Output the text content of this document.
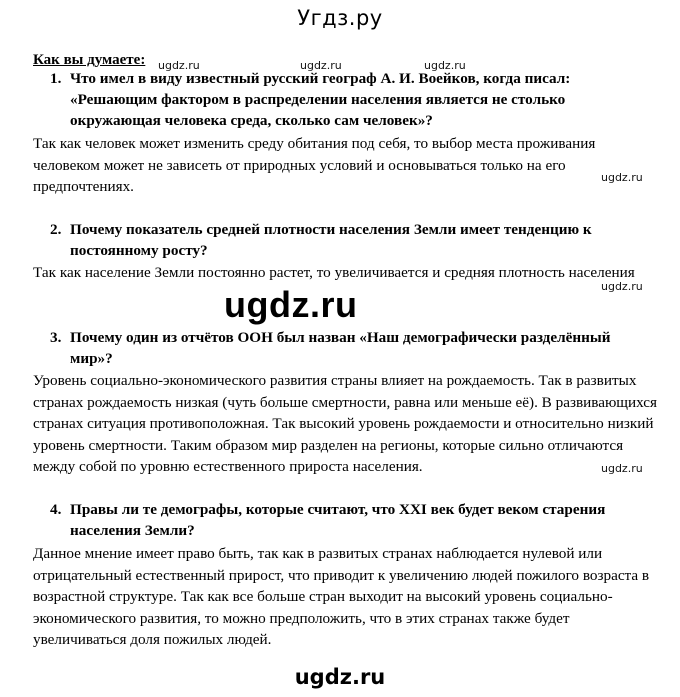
Угдз.ру
Как вы думаете: ugdz.ru	ugdz.ru	ugdz.ru
ugdz.ru
ugdz.ru
ugdz.ru
1. Что имел в виду известный русский географ А. И. Воейков, когда писал: «Решающим фактором в распределении населения является не столько окружающая человека среда, сколько сам человек»?
Так как человек может изменить среду обитания под себя, то выбор места проживания человеком может не зависеть от природных условий и основываться только на его предпочтениях.
2. Почему показатель средней плотности населения Земли имеет тенденцию к постоянному росту?
Так как население Земли постоянно растет, то увеличивается и средняя плотность населения
ugdz.ru
3. Почему один из отчётов ООН был назван «Наш демографически разделённый мир»?
Уровень социально-экономического развития страны влияет на рождаемость. Так в развитых странах рождаемость низкая (чуть больше смертности, равна или меньше её). В развивающихся странах ситуация противоположная. Так высокий уровень рождаемости и относительно низкий уровень смертности. Таким образом мир разделен на регионы, которые сильно отличаются между собой по уровню естественного прироста населения.
4. Правы ли те демографы, которые считают, что XXI век будет веком старения населения Земли?
Данное мнение имеет право быть, так как в развитых странах наблюдается нулевой или отрицательный естественный прирост, что приводит к увеличению людей пожилого возраста в возрастной структуре. Так как все больше стран выходит на высокий уровень социально-экономического развития, то можно предположить, что в этих странах также будет увеличиваться доля пожилых людей.
ugdz.ru
